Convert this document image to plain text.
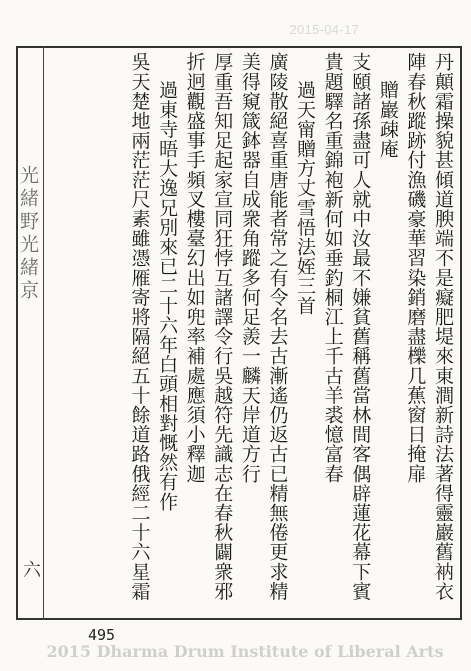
2015-04-17
光緒野光緒京
六
丹顛霜操貌甚傾道腴端不是癡肥堤來東澗新詩法著得靈巖舊衲衣
陣春秋蹤跡付漁磯豪華習染銷磨盡櫟几蕉窗日掩扉
贈巖疎庵
支頤諸孫盡可人就中汝最不嫌貧舊稱舊當林間客偶辟蓮花幕下賓
貴題驛名重錦袍新何如垂釣桐江上千古羊裘憶富春
過天甯贈方丈雪悟法姪三首
廣陵散絕喜重唐能者常之有令名去古漸遙仍返古已精無倦更求精
美得窺箴鉢器自成衆角蹤多何足羨一麟天岸道方行
厚重吾知足起家宣同狂悖互諸譯令行吳越符先識志在春秋闢衆邪
折迥觀盛事手頻叉樓臺幻出如兜率補處應須小釋迦
過東寺晤大逸兄別來已二十六年白頭相對慨然有作
吳天楚地兩茫茫尺素雖憑雁寄將隔絕五十餘道路俄經二十六星霜
495
2015 Dharma Drum Institute of Liberal Arts
